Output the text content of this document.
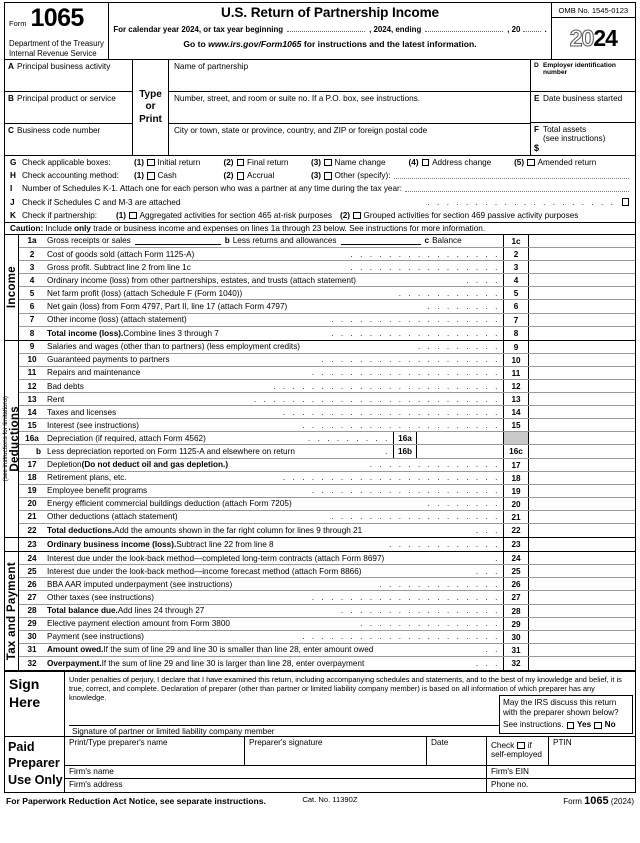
Form 1065
Department of the Treasury
Internal Revenue Service
U.S. Return of Partnership Income
For calendar year 2024, or tax year beginning	, 2024, ending	, 20	.
Go to www.irs.gov/Form1065 for instructions and the latest information.
OMB No. 1545-0123
20 24
A Principal business activity
B Principal product or service
C Business code number
Type
or
Print
Name of partnership
Number, street, and room or suite no. If a P.O. box, see instructions.
City or town, state or province, country, and ZIP or foreign postal code
D Employer identification number
E Date business started
F Total assets
(see instructions)
$
G Check applicable boxes:	(1) Initial return	(2) Final return	(3) Name change	(4) Address change	(5) Amended return
H Check accounting method:	(1) Cash	(2) Accrual	(3) Other (specify):
I	Number of Schedules K-1. Attach one for each person who was a partner at any time during the tax year:
J Check if Schedules C and M-3 are attached	. . . . . . . . . . . . . . . . . . . .
K Check if partnership:	(1) Aggregated activities for section 465 at-risk purposes (2) Grouped activities for section 469 passive activity purposes
Caution: Include only trade or business income and expenses on lines 1a through 23 below. See instructions for more information.
Income
1a	Gross receipts or sales	b Less returns and allowances	c Balance	1c
2	Cost of goods sold (attach Form 1125-A)	. . . . . . . . . . . . . . . .	2
3	Gross profit. Subtract line 2 from line 1c	. . . . . . . . . . . . . . . .	3
4	Ordinary income (loss) from other partnerships, estates, and trusts (attach statement)	. . . .	4
5	Net farm profit (loss) (attach Schedule F (Form 1040))	. . . . . . . . . . .	5
6	Net gain (loss) from Form 4797, Part II, line 17 (attach Form 4797)	. . . . . . . .	6
7	Other income (loss) (attach statement)	. . . . . . . . . . . . . . . . . .	7
8	Total income (loss). Combine lines 3 through 7	. . . . . . . . . . . . . . . . . .	8
Deductions
(see instructions for limitations)
9	Salaries and wages (other than to partners) (less employment credits)	. . . . . . . . .	9
10	Guaranteed payments to partners	. . . . . . . . . . . . . . . . . . .	10
11	Repairs and maintenance	. . . . . . . . . . . . . . . . . . . .	11
12	Bad debts	. . . . . . . . . . . . . . . . . . . . . . . .	12
13	Rent	. . . . . . . . . . . . . . . . . . . . . . . . . .	13
14	Taxes and licenses	. . . . . . . . . . . . . . . . . . . . . . .	14
15	Interest (see instructions)	. . . . . . . . . . . . . . . . . . . . .	15
16a Depreciation (if required, attach Form 4562)	. . . . . . . . . 16a
b Less depreciation reported on Form 1125-A and elsewhere on return	. 16b	16c
17	Depletion (Do not deduct oil and gas depletion.)	. . . . . . . . . . . . . .	17
18	Retirement plans, etc.	. . . . . . . . . . . . . . . . . . . . . . .	18
19	Employee benefit programs	. . . . . . . . . . . . . . . . . . . .	19
20	Energy efficient commercial buildings deduction (attach Form 7205)	. . . . . . . .	20
21	Other deductions (attach statement)	. . . . . . . . . . . . . . . . . .	21
22	Total deductions. Add the amounts shown in the far right column for lines 9 through 21	. . .	22
23	Ordinary business income (loss). Subtract line 22 from line 8	. . . . . . . . . . . .	23
Tax and Payment
24	Interest due under the look-back method—completed long-term contracts (attach Form 8697)	.	24
25	Interest due under the look-back method—income forecast method (attach Form 8866)	. . .	25
26	BBA AAR imputed underpayment (see instructions)	. . . . . . . . . . . . .	26
27	Other taxes (see instructions)	. . . . . . . . . . . . . . . . . . . .	27
28	Total balance due. Add lines 24 through 27	. . . . . . . . . . . . . . . . .	28
29	Elective payment election amount from Form 3800	. . . . . . . . . . . . . . .	29
30	Payment (see instructions)	. . . . . . . . . . . . . . . . . . . . .	30
31	Amount owed. If the sum of line 29 and line 30 is smaller than line 28, enter amount owed	. .	31
32	Overpayment. If the sum of line 29 and line 30 is larger than line 28, enter overpayment	. . .	32
Sign
Here
Under penalties of perjury, I declare that I have examined this return, including accompanying schedules and statements, and to the best of my knowledge and belief, it is true, correct, and complete. Declaration of preparer (other than partner or limited liability company member) is based on all information of which preparer has any knowledge.
Signature of partner or limited liability company member
May the IRS discuss this return
with the preparer shown below?
See instructions. Yes No
Paid
Preparer
Use Only
Print/Type preparer's name	Preparer's signature	Date	Check if
self-employed
PTIN
Firm's name	Firm's EIN
Firm's address	Phone no.
For Paperwork Reduction Act Notice, see separate instructions.	Cat. No. 11390Z	Form 1065 (2024)
